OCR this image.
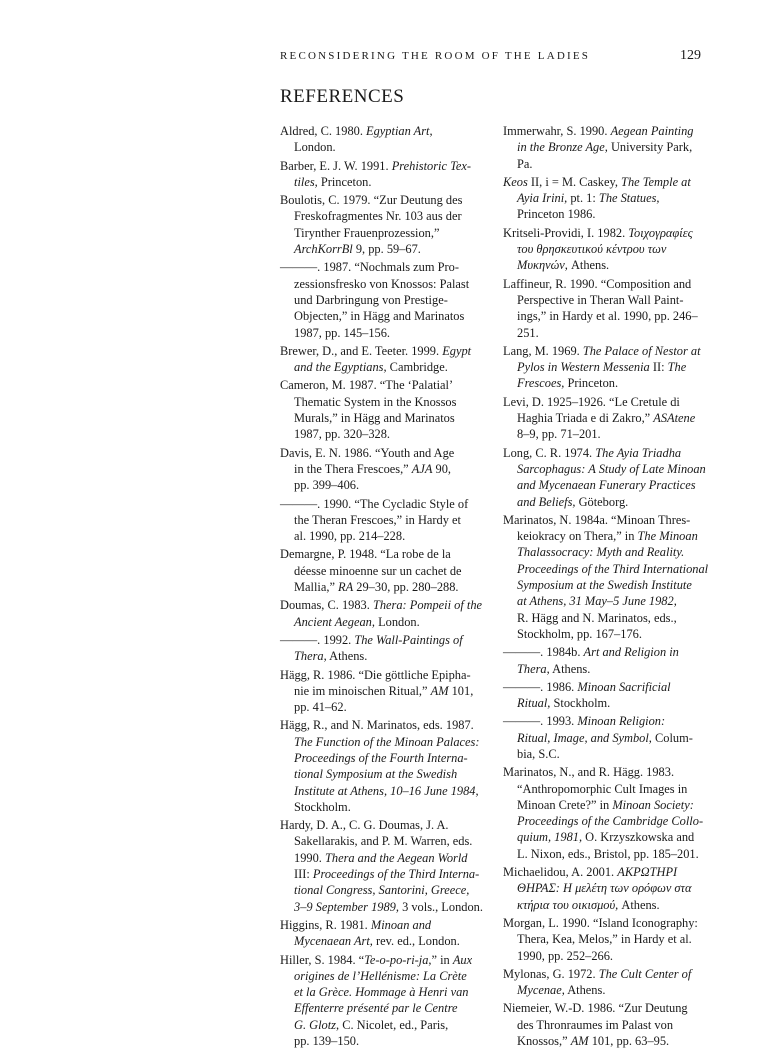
RECONSIDERING THE ROOM OF THE LADIES	129
REFERENCES
Aldred, C. 1980. Egyptian Art,
London.
Barber, E. J. W. 1991. Prehistoric Tex-
tiles, Princeton.
Boulotis, C. 1979. “Zur Deutung des
Freskofragmentes Nr. 103 aus der
Tirynther Frauenprozession,”
ArchKorrBl 9, pp. 59–67.
———. 1987. “Nochmals zum Pro-
zessionsfresko von Knossos: Palast
und Darbringung von Prestige-
Objecten,” in Hägg and Marinatos
1987, pp. 145–156.
Brewer, D., and E. Teeter. 1999. Egypt
and the Egyptians, Cambridge.
Cameron, M. 1987. “The ‘Palatial’
Thematic System in the Knossos
Murals,” in Hägg and Marinatos
1987, pp. 320–328.
Davis, E. N. 1986. “Youth and Age
in the Thera Frescoes,” AJA 90,
pp. 399–406.
———. 1990. “The Cycladic Style of
the Theran Frescoes,” in Hardy et
al. 1990, pp. 214–228.
Demargne, P. 1948. “La robe de la
déesse minoenne sur un cachet de
Mallia,” RA 29–30, pp. 280–288.
Doumas, C. 1983. Thera: Pompeii of the
Ancient Aegean, London.
———. 1992. The Wall-Paintings of
Thera, Athens.
Hägg, R. 1986. “Die göttliche Epipha-
nie im minoischen Ritual,” AM 101,
pp. 41–62.
Hägg, R., and N. Marinatos, eds. 1987.
The Function of the Minoan Palaces:
Proceedings of the Fourth Interna-
tional Symposium at the Swedish
Institute at Athens, 10–16 June 1984,
Stockholm.
Hardy, D. A., C. G. Doumas, J. A.
Sakellarakis, and P. M. Warren, eds.
1990. Thera and the Aegean World
III: Proceedings of the Third Interna-
tional Congress, Santorini, Greece,
3–9 September 1989, 3 vols., London.
Higgins, R. 1981. Minoan and
Mycenaean Art, rev. ed., London.
Hiller, S. 1984. “Te-o-po-ri-ja,” in Aux
origines de l’Hellénisme: La Crète
et la Grèce. Hommage à Henri van
Effenterre présenté par le Centre
G. Glotz, C. Nicolet, ed., Paris,
pp. 139–150.
Immerwahr, S. 1990. Aegean Painting
in the Bronze Age, University Park,
Pa.
Keos II, i = M. Caskey, The Temple at
Ayia Irini, pt. 1: The Statues,
Princeton 1986.
Kritseli-Providi, I. 1982. Τοιχογραφίες
του θρησκευτικού κέντρου των
Μυκηνών, Athens.
Laffineur, R. 1990. “Composition and
Perspective in Theran Wall Paint-
ings,” in Hardy et al. 1990, pp. 246–
251.
Lang, M. 1969. The Palace of Nestor at
Pylos in Western Messenia II: The
Frescoes, Princeton.
Levi, D. 1925–1926. “Le Cretule di
Haghia Triada e di Zakro,” ASAtene
8–9, pp. 71–201.
Long, C. R. 1974. The Ayia Triadha
Sarcophagus: A Study of Late Minoan
and Mycenaean Funerary Practices
and Beliefs, Göteborg.
Marinatos, N. 1984a. “Minoan Thres-
keiokracy on Thera,” in The Minoan
Thalassocracy: Myth and Reality.
Proceedings of the Third International
Symposium at the Swedish Institute
at Athens, 31 May–5 June 1982,
R. Hägg and N. Marinatos, eds.,
Stockholm, pp. 167–176.
———. 1984b. Art and Religion in
Thera, Athens.
———. 1986. Minoan Sacrificial
Ritual, Stockholm.
———. 1993. Minoan Religion:
Ritual, Image, and Symbol, Colum-
bia, S.C.
Marinatos, N., and R. Hägg. 1983.
“Anthropomorphic Cult Images in
Minoan Crete?” in Minoan Society:
Proceedings of the Cambridge Collo-
quium, 1981, O. Krzyszkowska and
L. Nixon, eds., Bristol, pp. 185–201.
Michaelidou, A. 2001. ΑΚΡΩΤΗΡΙ
ΘΗΡΑΣ: Η μελέτη των ορόφων στα
κτήρια του οικισμού, Athens.
Morgan, L. 1990. “Island Iconography:
Thera, Kea, Melos,” in Hardy et al.
1990, pp. 252–266.
Mylonas, G. 1972. The Cult Center of
Mycenae, Athens.
Niemeier, W.-D. 1986. “Zur Deutung
des Thronraumes im Palast von
Knossos,” AM 101, pp. 63–95.
